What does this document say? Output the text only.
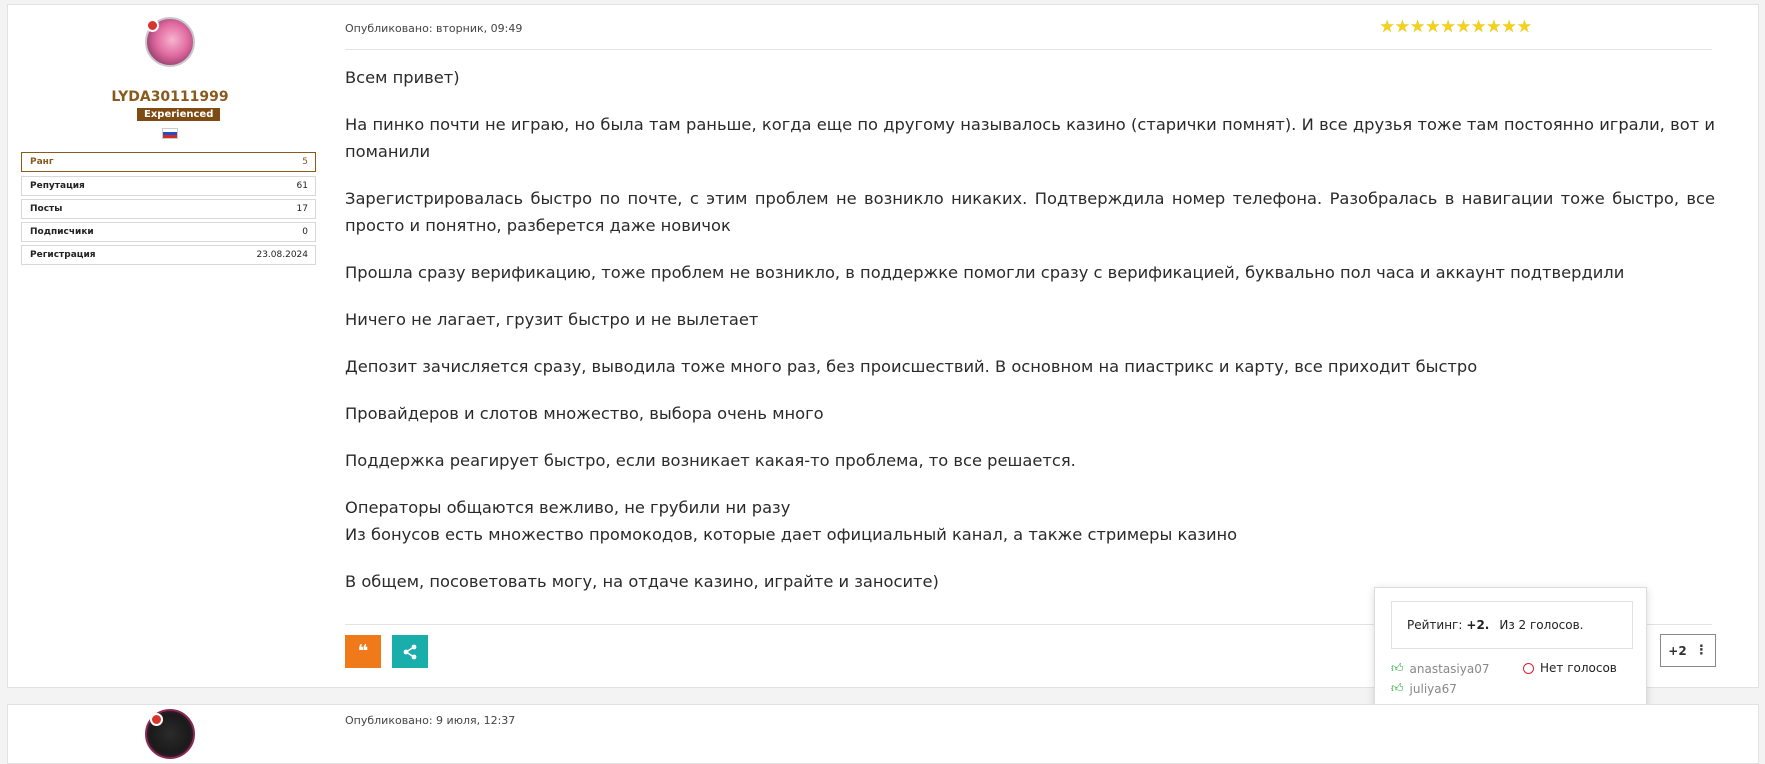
LYDA30111999
Experienced
Ранг	5
Репутация	61
Посты	17
Подписчики	0
Регистрация	23.08.2024
Опубликовано: вторник, 09:49	★ ★ ★ ★ ★ ★ ★ ★ ★ ★

Всем привет)

На пинко почти не играю, но была там раньше, когда еще по другому называлось казино (старички помнят). И все друзья тоже там постоянно играли, вот и поманили

Зарегистрировалась быстро по почте, с этим проблем не возникло никаких. Подтверждила номер телефона. Разобралась в навигации тоже быстро, все просто и понятно, разберется даже новичок

Прошла сразу верификацию, тоже проблем не возникло, в поддержке помогли сразу с верификацией, буквально пол часа и аккаунт подтвердили

Ничего не лагает, грузит быстро и не вылетает

Депозит зачисляется сразу, выводила тоже много раз, без происшествий. В основном на пиастрикс и карту, все приходит быстро

Провайдеров и слотов множество, выбора очень много

Поддержка реагирует быстро, если возникает какая-то проблема, то все решается.

Операторы общаются вежливо, не грубили ни разу

Из бонусов есть множество промокодов, которые дает официальный канал, а также стримеры казино

В общем, посоветовать могу, на отдаче казино, играйте и заносите)

❝
Рейтинг: +2. Из 2 голосов.
👍︎ anastasiya07
👍︎ juliya67
Нет голосов
+2 ⋮
Опубликовано: 9 июля, 12:37
